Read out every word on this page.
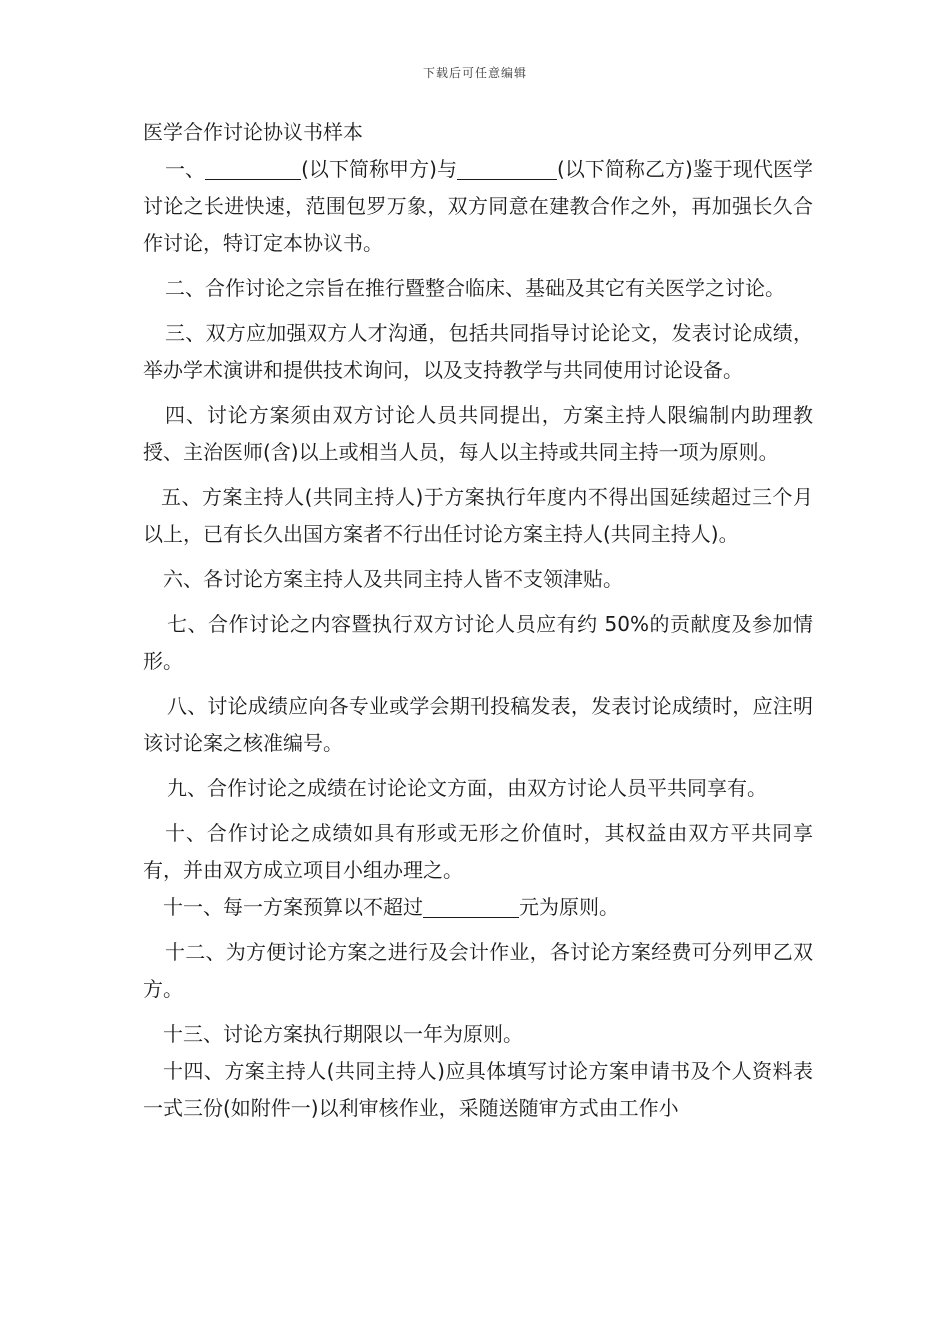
下载后可任意编辑
医学合作讨论协议书样本

一、	(以下简称甲方)与	(以下简称乙方)鉴于现代医学讨论之长进快速，范围包罗万象，双方同意在建教合作之外，再加强长久合作讨论，特订定本协议书。

二、合作讨论之宗旨在推行暨整合临床、基础及其它有关医学之讨论。

三、双方应加强双方人才沟通，包括共同指导讨论论文，发表讨论成绩，举办学术演讲和提供技术询问，以及支持教学与共同使用讨论设备。

四、讨论方案须由双方讨论人员共同提出，方案主持人限编制内助理教授、主治医师(含)以上或相当人员，每人以主持或共同主持一项为原则。

五、方案主持人(共同主持人)于方案执行年度内不得出国延续超过三个月以上，已有长久出国方案者不行出任讨论方案主持人(共同主持人)。

六、各讨论方案主持人及共同主持人皆不支领津贴。

七、合作讨论之内容暨执行双方讨论人员应有约 50%的贡献度及参加情形。

八、讨论成绩应向各专业或学会期刊投稿发表，发表讨论成绩时，应注明该讨论案之核准编号。

九、合作讨论之成绩在讨论论文方面，由双方讨论人员平共同享有。

十、合作讨论之成绩如具有形或无形之价值时，其权益由双方平共同享有，并由双方成立项目小组办理之。

十一、每一方案预算以不超过	元为原则。

十二、为方便讨论方案之进行及会计作业，各讨论方案经费可分列甲乙双方。

十三、讨论方案执行期限以一年为原则。

十四、方案主持人(共同主持人)应具体填写讨论方案申请书及个人资料表一式三份(如附件一)以利审核作业，采随送随审方式由工作小
